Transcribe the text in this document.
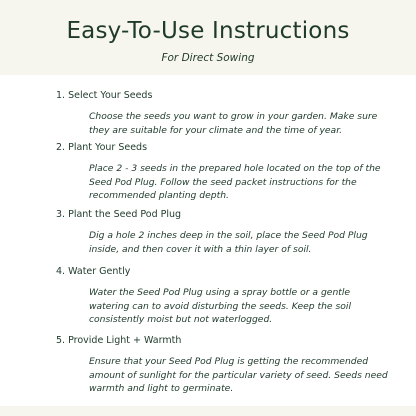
Easy-To-Use Instructions
For Direct Sowing
1. Select Your Seeds
Choose the seeds you want to grow in your garden. Make sure they are suitable for your climate and the time of year.
2. Plant Your Seeds
Place 2 - 3 seeds in the prepared hole located on the top of the Seed Pod Plug. Follow the seed packet instructions for the recommended planting depth.
3. Plant the Seed Pod Plug
Dig a hole 2 inches deep in the soil, place the Seed Pod Plug inside, and then cover it with a thin layer of soil.
4. Water Gently
Water the Seed Pod Plug using a spray bottle or a gentle watering can to avoid disturbing the seeds. Keep the soil consistently moist but not waterlogged.
5. Provide Light + Warmth
Ensure that your Seed Pod Plug is getting the recommended amount of sunlight for the particular variety of seed. Seeds need warmth and light to germinate.
